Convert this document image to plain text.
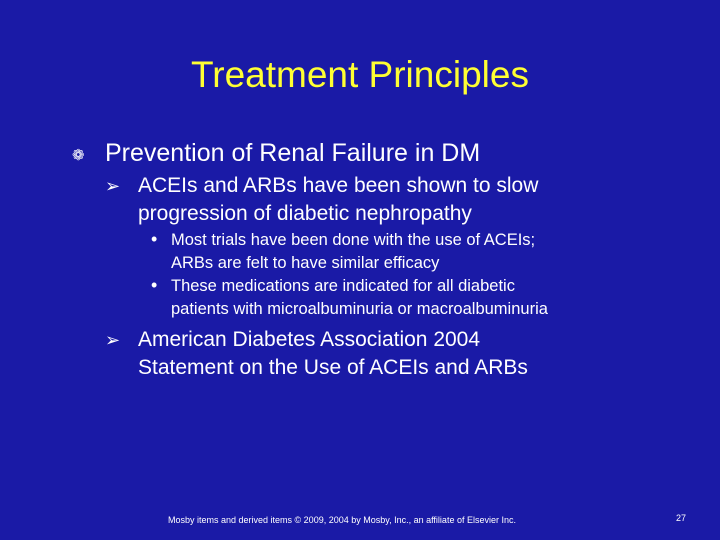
Treatment Principles
❁ Prevention of Renal Failure in DM
➢ ACEIs and ARBs have been shown to slow
progression of diabetic nephropathy
• Most trials have been done with the use of ACEIs;
ARBs are felt to have similar efficacy
• These medications are indicated for all diabetic
patients with microalbuminuria or macroalbuminuria
➢ American Diabetes Association 2004
Statement on the Use of ACEIs and ARBs
Mosby items and derived items © 2009, 2004 by Mosby, Inc., an affiliate of Elsevier Inc.	27
